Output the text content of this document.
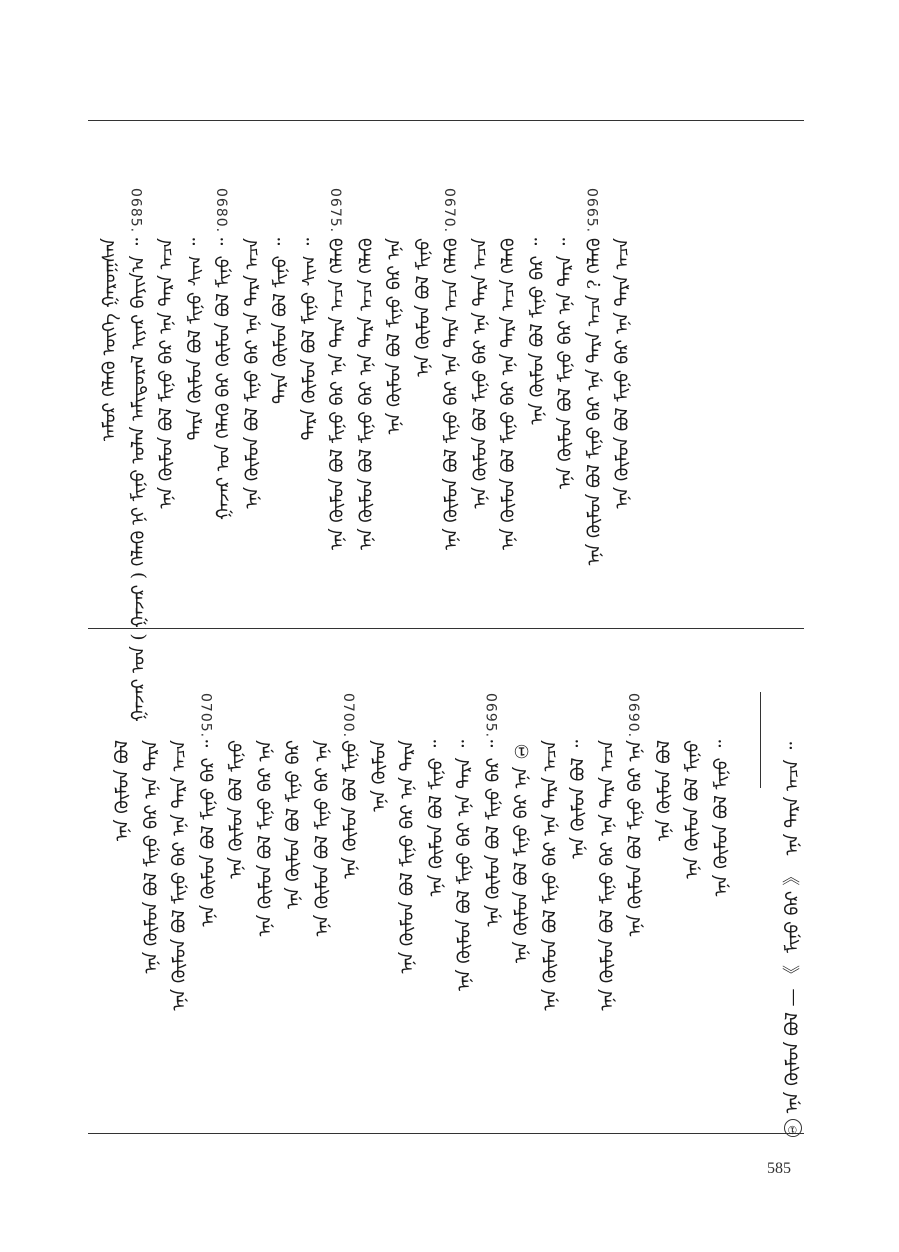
ᠠᠮᠤᠷ ᠬᠡᠯᠡᠬᠦ ᠦᠭᠡ ᠭᠠᠷᠤᠭ᠋ᠰᠠᠨ
0685.
ᠭᠠᠵᠠᠷ ᠤᠨ ( ᠭᠠᠵᠠᠷ ) ᠬᠡᠯᠡᠬᠦ ᠨᠢ ᠮᠢᠨᠦ ᠣᠯᠠᠨ ᠠᠮᠢᠳᠤᠷᠠᠯ ᠢᠶᠠᠷ ᠪᠠᠶᠢᠨ᠎ᠠ ᠃ ᠡᠨᠡ ᠬᠦᠮᠦᠨ ᠪᠣᠯ ᠮᠢᠨᠦ ᠪᠡᠷ ᠡᠨᠡ ᠲᠡᠷᠡ ᠠᠴᠠ ᠲᠡᠷᠡ ᠬᠦᠮᠦᠨ ᠪᠣᠯ ᠮᠢᠨᠦ ᠰᠢᠭ᠋ ᠃
0680.
ᠭᠠᠵᠠᠷ ᠤᠨ ᠬᠡᠯᠡᠬᠦ ᠪᠠᠷ ᠬᠦᠮᠦᠨ ᠪᠣᠯ ᠮᠢᠨᠦ ᠃ ᠡᠨᠡ ᠬᠦᠮᠦᠨ ᠪᠣᠯ ᠮᠢᠨᠦ ᠪᠡᠷ ᠡᠨᠡ ᠲᠡᠷᠡ ᠠᠴᠠ ᠲᠡᠷᠡ ᠬᠦᠮᠦᠨ ᠪᠣᠯ ᠮᠢᠨᠦ ᠃ ᠲᠡᠷᠡ ᠬᠦᠮᠦᠨ ᠪᠣᠯ ᠮᠢᠨᠦ ᠰᠢᠭ᠋ ᠃
0675.
ᠡᠨᠡ ᠬᠦᠮᠦᠨ ᠪᠣᠯ ᠮᠢᠨᠦ ᠪᠡᠷ ᠡᠨᠡ ᠲᠡᠷᠡ ᠠᠴᠠ ᠬᠡᠯᠡᠬᠦ ᠡᠨᠡ ᠬᠦᠮᠦᠨ ᠪᠣᠯ ᠮᠢᠨᠦ ᠪᠡᠷ ᠡᠨᠡ ᠲᠡᠷᠡ ᠠᠴᠠ ᠬᠡᠯᠡᠬᠦ ᠡᠨᠡ ᠬᠦᠮᠦᠨ ᠪᠣᠯ ᠮᠢᠨᠦ ᠪᠡᠷ ᠡᠨᠡ ᠡᠨᠡ ᠬᠦᠮᠦᠨ ᠪᠣᠯ ᠮᠢᠨᠦ
0670.
ᠡᠨᠡ ᠬᠦᠮᠦᠨ ᠪᠣᠯ ᠮᠢᠨᠦ ᠪᠡᠷ ᠡᠨᠡ ᠲᠡᠷᠡ ᠠᠴᠠ ᠬᠡᠯᠡᠬᠦ ᠡᠨᠡ ᠬᠦᠮᠦᠨ ᠪᠣᠯ ᠮᠢᠨᠦ ᠪᠡᠷ ᠡᠨᠡ ᠲᠡᠷᠡ ᠠᠴᠠ ᠡᠨᠡ ᠬᠦᠮᠦᠨ ᠪᠣᠯ ᠮᠢᠨᠦ ᠪᠡᠷ ᠡᠨᠡ ᠲᠡᠷᠡ ᠠᠴᠠ ᠬᠡᠯᠡᠬᠦ ᠡᠨᠡ ᠬᠦᠮᠦᠨ ᠪᠣᠯ ᠮᠢᠨᠦ ᠪᠡᠷ ᠃ ᠡᠨᠡ ᠬᠦᠮᠦᠨ ᠪᠣᠯ ᠮᠢᠨᠦ ᠪᠡᠷ ᠡᠨᠡ ᠲᠡᠷᠡ ᠃
0665.
ᠡᠨᠡ ᠬᠦᠮᠦᠨ ᠪᠣᠯ ᠮᠢᠨᠦ ᠪᠡᠷ ᠡᠨᠡ ᠲᠡᠷᠡ ᠠᠴᠠ ? ᠬᠡᠯᠡᠬᠦ ᠡᠨᠡ ᠬᠦᠮᠦᠨ ᠪᠣᠯ ᠮᠢᠨᠦ ᠪᠡᠷ ᠡᠨᠡ ᠲᠡᠷᠡ ᠠᠴᠠ
ᠡᠨᠡ ᠬᠦᠮᠦᠨ ᠪᠣᠯ ᠡᠨᠡ ᠬᠦᠮᠦᠨ ᠪᠣᠯ ᠮᠢᠨᠦ ᠪᠡᠷ ᠡᠨᠡ ᠲᠡᠷᠡ ᠡᠨᠡ ᠬᠦᠮᠦᠨ ᠪᠣᠯ ᠮᠢᠨᠦ ᠪᠡᠷ ᠡᠨᠡ ᠲᠡᠷᠡ ᠠᠴᠠ
0705.
ᠡᠨᠡ ᠬᠦᠮᠦᠨ ᠪᠣᠯ ᠮᠢᠨᠦ ᠪᠡᠷ ᠃ ᠡᠨᠡ ᠬᠦᠮᠦᠨ ᠪᠣᠯ ᠮᠢᠨᠦ ᠡᠨᠡ ᠬᠦᠮᠦᠨ ᠪᠣᠯ ᠮᠢᠨᠦ ᠪᠡᠷ ᠡᠨᠡ ᠡᠨᠡ ᠬᠦᠮᠦᠨ ᠪᠣᠯ ᠮᠢᠨᠦ ᠪᠡᠷ ᠡᠨᠡ ᠬᠦᠮᠦᠨ ᠪᠣᠯ ᠮᠢᠨᠦ ᠪᠡᠷ ᠡᠨᠡ
0700.
ᠡᠨᠡ ᠬᠦᠮᠦᠨ ᠪᠣᠯ ᠮᠢᠨᠦ ᠡᠨᠡ ᠬᠦᠮᠦᠨ ᠡᠨᠡ ᠬᠦᠮᠦᠨ ᠪᠣᠯ ᠮᠢᠨᠦ ᠪᠡᠷ ᠡᠨᠡ ᠲᠡᠷᠡ ᠡᠨᠡ ᠬᠦᠮᠦᠨ ᠪᠣᠯ ᠮᠢᠨᠦ ᠃ ᠡᠨᠡ ᠬᠦᠮᠦᠨ ᠪᠣᠯ ᠮᠢᠨᠦ ᠪᠡᠷ ᠡᠨᠡ ᠲᠡᠷᠡ ᠃
0695.
ᠡᠨᠡ ᠬᠦᠮᠦᠨ ᠪᠣᠯ ᠮᠢᠨᠦ ᠪᠡᠷ ᠃ ᠡᠨᠡ ᠬᠦᠮᠦᠨ ᠪᠣᠯ ᠮᠢᠨᠦ ᠪᠡᠷ ᠡᠨᠡ ① ᠡᠨᠡ ᠬᠦᠮᠦᠨ ᠪᠣᠯ ᠮᠢᠨᠦ ᠪᠡᠷ ᠡᠨᠡ ᠲᠡᠷᠡ ᠠᠴᠠ ᠡᠨᠡ ᠬᠦᠮᠦᠨ ᠪᠣᠯ ᠃ ᠡᠨᠡ ᠬᠦᠮᠦᠨ ᠪᠣᠯ ᠮᠢᠨᠦ ᠪᠡᠷ ᠡᠨᠡ ᠲᠡᠷᠡ ᠠᠴᠠ
0690.
ᠡᠨᠡ ᠬᠦᠮᠦᠨ ᠪᠣᠯ ᠮᠢᠨᠦ ᠪᠡᠷ ᠡᠨᠡ ᠡᠨᠡ ᠬᠦᠮᠦᠨ ᠪᠣᠯ ᠡᠨᠡ ᠬᠦᠮᠦᠨ ᠪᠣᠯ ᠮᠢᠨᠦ ᠡᠨᠡ ᠬᠦᠮᠦᠨ ᠪᠣᠯ ᠮᠢᠨᠦ ᠃
① ᠡᠨᠡ ᠬᠦᠮᠦᠨ ᠪᠣᠯ — 《 ᠮᠢᠨᠦ ᠪᠡᠷ 》 ᠡᠨᠡ ᠲᠡᠷᠡ ᠠᠴᠠ ᠃
585
